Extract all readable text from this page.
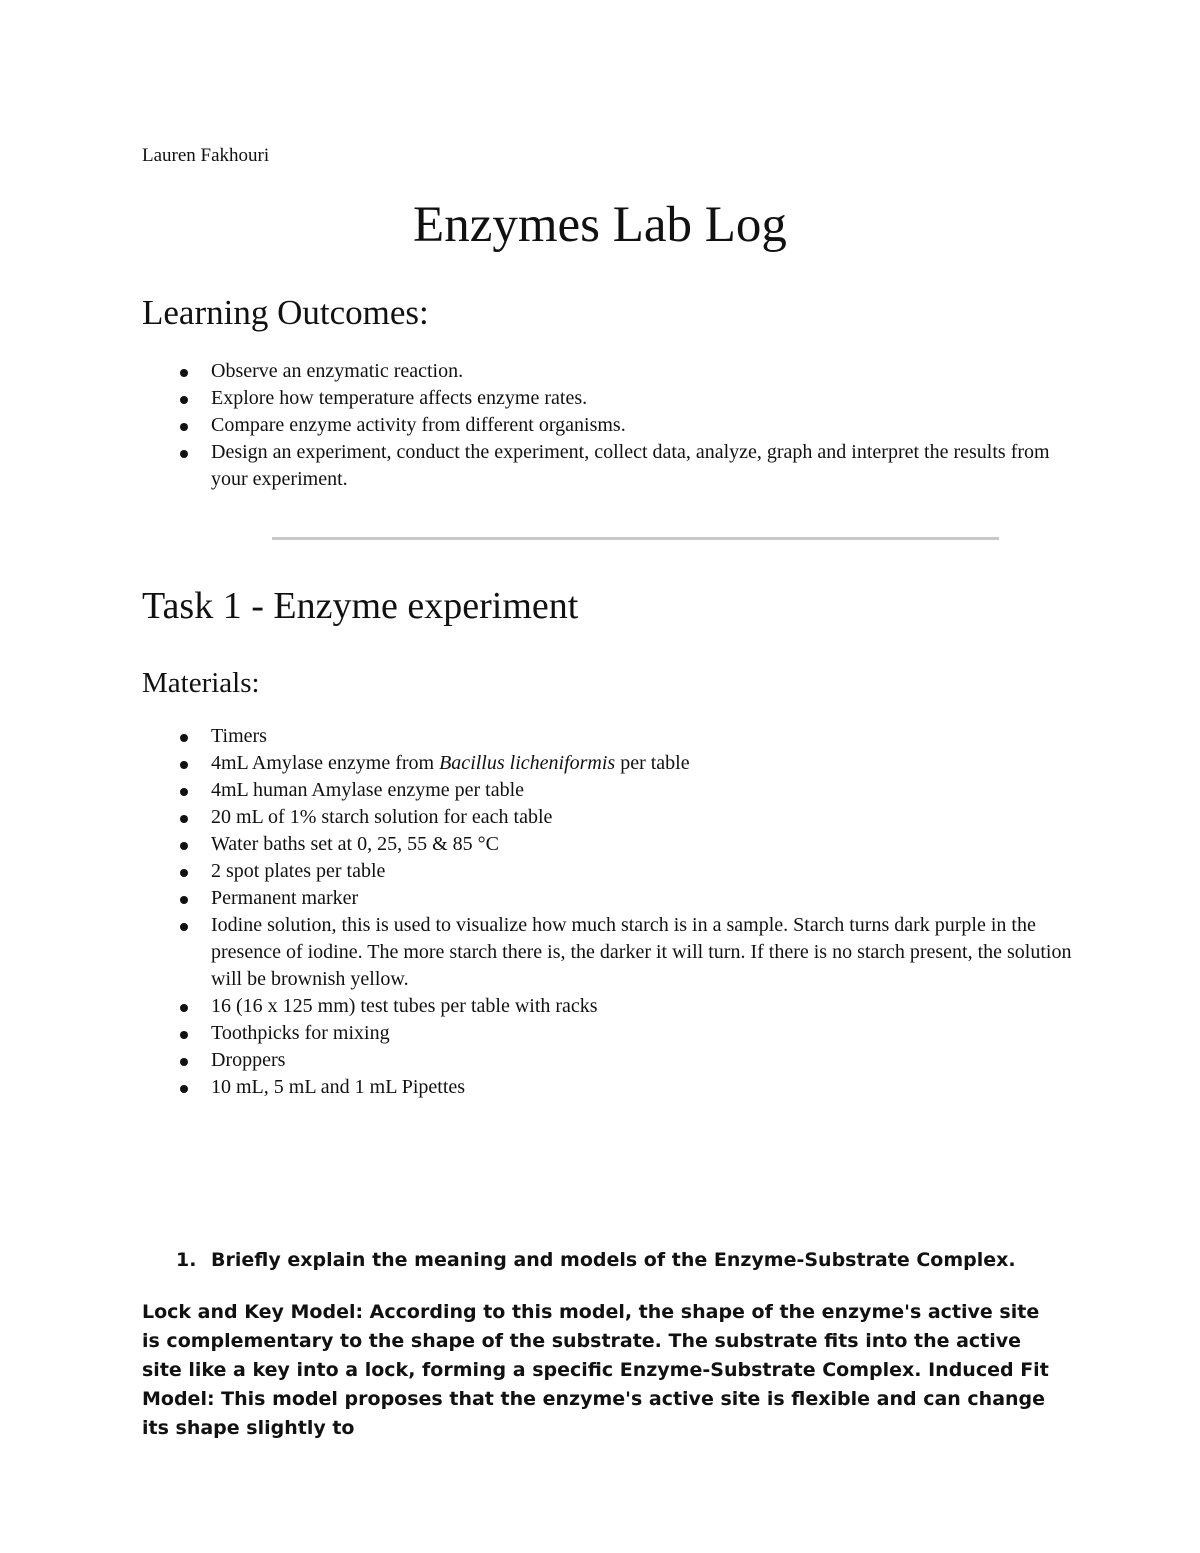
Lauren Fakhouri
Enzymes Lab Log
Learning Outcomes:
Observe an enzymatic reaction.
Explore how temperature affects enzyme rates.
Compare enzyme activity from different organisms.
Design an experiment, conduct the experiment, collect data, analyze, graph and interpret the results from your experiment.
Task 1 - Enzyme experiment
Materials:
Timers
4mL Amylase enzyme from Bacillus licheniformis per table
4mL human Amylase enzyme per table
20 mL of 1% starch solution for each table
Water baths set at 0, 25, 55 & 85 °C
2 spot plates per table
Permanent marker
Iodine solution, this is used to visualize how much starch is in a sample. Starch turns dark purple in the presence of iodine. The more starch there is, the darker it will turn. If there is no starch present, the solution will be brownish yellow.
16 (16 x 125 mm) test tubes per table with racks
Toothpicks for mixing
Droppers
10 mL, 5 mL and 1 mL Pipettes
1. Briefly explain the meaning and models of the Enzyme-Substrate Complex.
Lock and Key Model: According to this model, the shape of the enzyme's active site is complementary to the shape of the substrate. The substrate fits into the active site like a key into a lock, forming a specific Enzyme-Substrate Complex. Induced Fit Model: This model proposes that the enzyme's active site is flexible and can change its shape slightly to
